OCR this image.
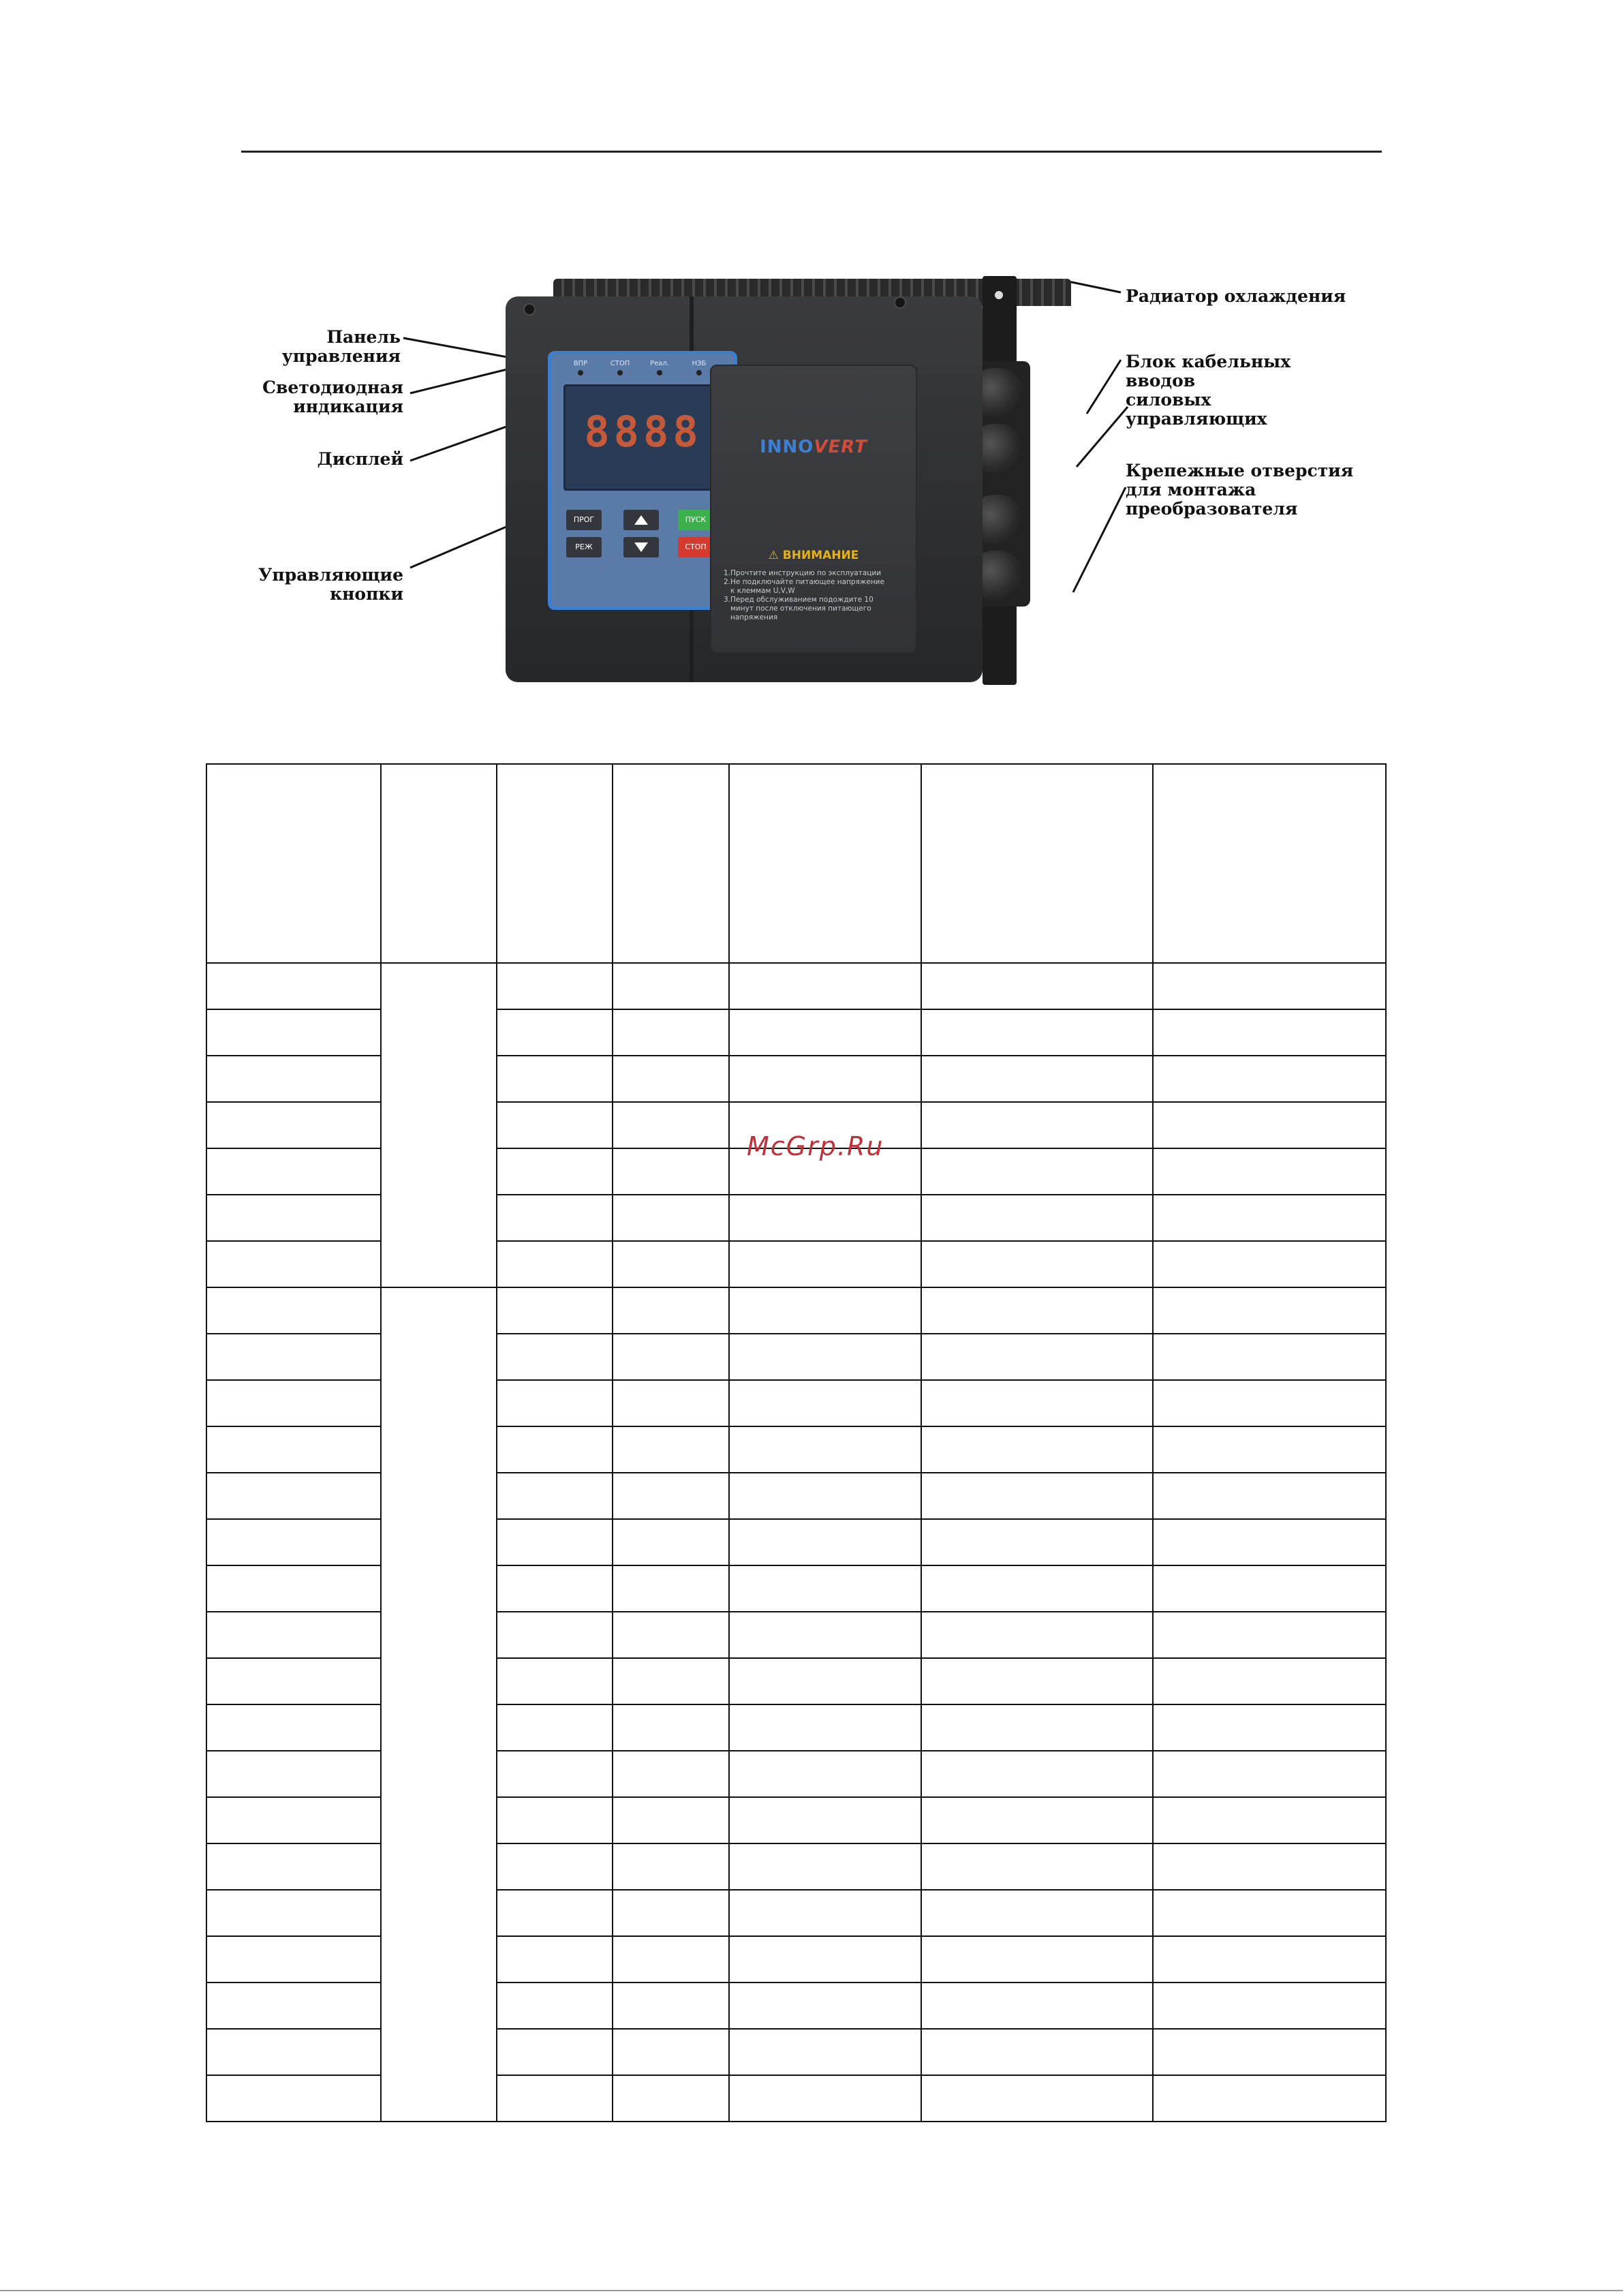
Панель управления
Светодиодная
индикация
Дисплей
Управляющие
кнопки
Радиатор охлаждения
Блок кабельных вводов
силовых
управляющих
Крепежные отверстия
для монтажа
преобразователя
ВПР	СТОП	Реал.	НЗБ
8888
ПРОГ	ПУСК
РЕЖ	СТОП
INNOVERT
⚠ ВНИМАНИЕ
1.Прочтите инструкцию по эксплуатации
2.Не подключайте питающее напряжение
к клеммам U,V,W
3.Перед обслуживанием подождите 10
минут после отключения питающего
напряжения

McGrp.Ru
